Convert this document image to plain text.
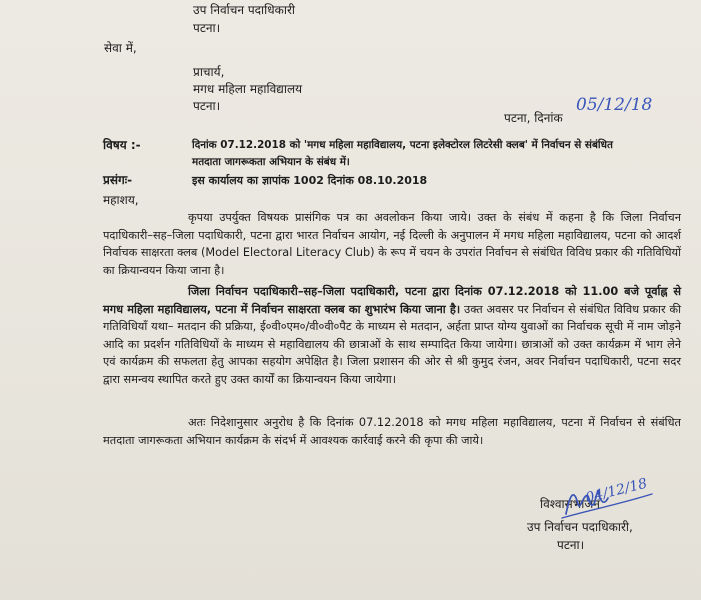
उप निर्वाचन पदाधिकारी
पटना।
सेवा में,
प्राचार्य,
मगध महिला महाविद्यालय
पटना।
पटना, दिनांक
05/12/18
विषय :-	दिनांक 07.12.2018 को 'मगध महिला महाविद्यालय, पटना इलेक्टोरल लिटरेसी क्लब' में निर्वाचन से संबंधित
मतदाता जागरूकता अभियान के संबंध में।
प्रसंगः-	इस कार्यालय का ज्ञापांक 1002 दिनांक 08.10.2018
महाशय,
कृपया उपर्युक्त विषयक प्रासंगिक पत्र का अवलोकन किया जाये। उक्त के संबंध में कहना है कि जिला निर्वाचन पदाधिकारी–सह–जिला पदाधिकारी, पटना द्वारा भारत निर्वाचन आयोग, नई दिल्ली के अनुपालन में मगध महिला महाविद्यालय, पटना को आदर्श निर्वाचक साक्षरता क्लब (Model Electoral Literacy Club) के रूप में चयन के उपरांत निर्वाचन से संबंधित विविध प्रकार की गतिविधियों का क्रियान्वयन किया जाना है।
जिला निर्वाचन पदाधिकारी–सह–जिला पदाधिकारी, पटना द्वारा दिनांक 07.12.2018 को 11.00 बजे पूर्वाह्न से मगध महिला महाविद्यालय, पटना में निर्वाचन साक्षरता क्लब का शुभारंभ किया जाना है। उक्त अवसर पर निर्वाचन से संबंधित विविध प्रकार की गतिविधियाँ यथा– मतदान की प्रक्रिया, ई०वी०एम०/वी०वी०पैट के माध्यम से मतदान, अर्हता प्राप्त योग्य युवाओं का निर्वाचक सूची में नाम जोड़ने आदि का प्रदर्शन गतिविधियों के माध्यम से महाविद्यालय की छात्राओं के साथ सम्पादित किया जायेगा। छात्राओं को उक्त कार्यक्रम में भाग लेने एवं कार्यक्रम की सफलता हेतु आपका सहयोग अपेक्षित है। जिला प्रशासन की ओर से श्री कुमुद रंजन, अवर निर्वाचन पदाधिकारी, पटना सदर द्वारा समन्वय स्थापित करते हुए उक्त कार्यों का क्रियान्वयन किया जायेगा।
अतः निदेशानुसार अनुरोध है कि दिनांक 07.12.2018 को मगध महिला महाविद्यालय, पटना में निर्वाचन से संबंधित मतदाता जागरूकता अभियान कार्यक्रम के संदर्भ में आवश्यक कार्रवाई करने की कृपा की जाये।
विश्वासभाजन
04/12/18
उप निर्वाचन पदाधिकारी,
पटना।
